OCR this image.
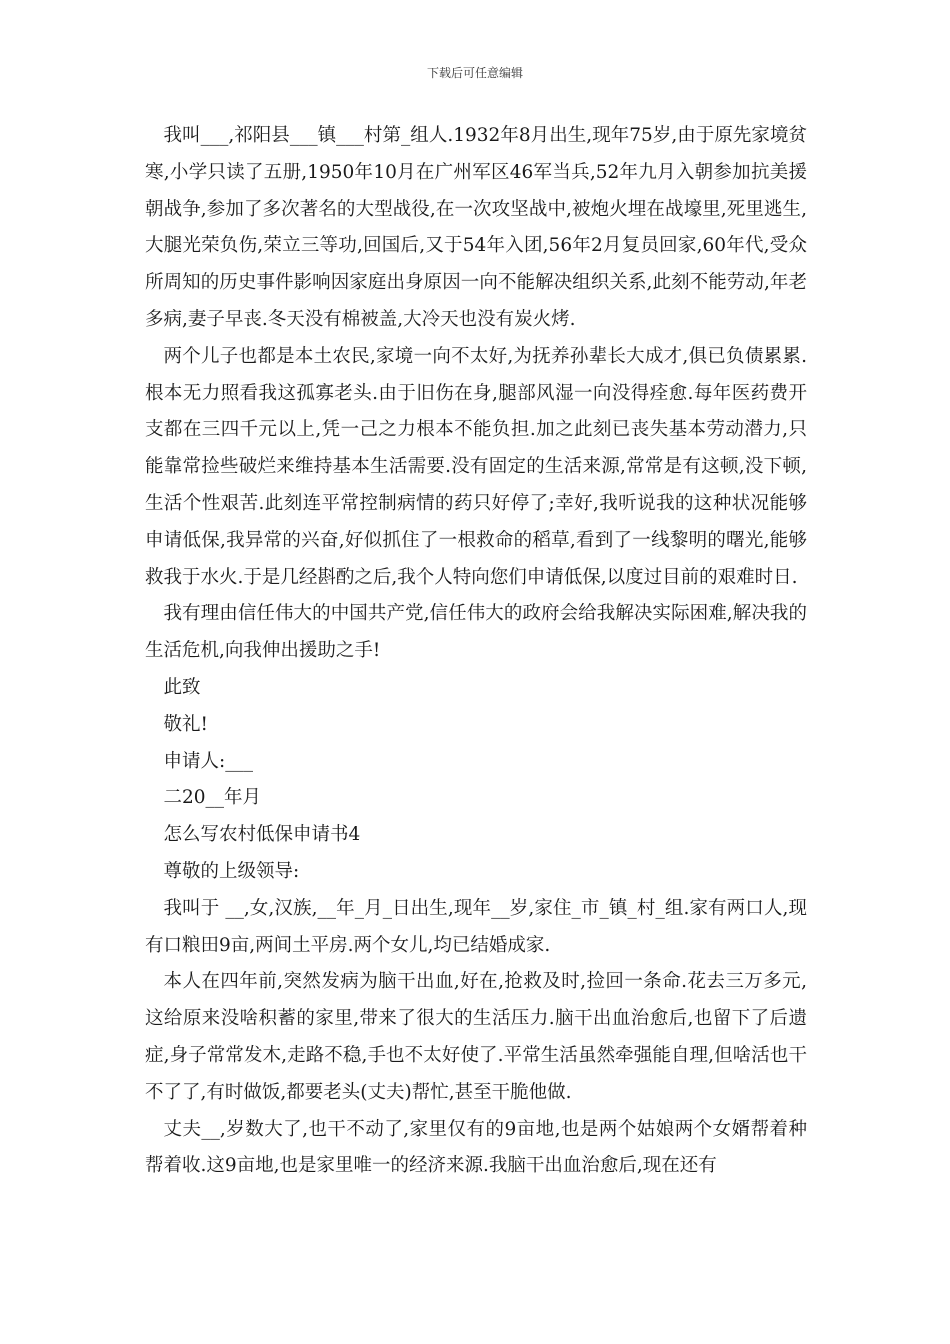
下载后可任意编辑

我叫___,祁阳县___镇___村第_组人.1932年8月出生,现年75岁,由于原先家境贫寒,小学只读了五册,1950年10月在广州军区46军当兵,52年九月入朝参加抗美援朝战争,参加了多次著名的大型战役,在一次攻坚战中,被炮火埋在战壕里,死里逃生,大腿光荣负伤,荣立三等功,回国后,又于54年入团,56年2月复员回家,60年代,受众所周知的历史事件影响因家庭出身原因一向不能解决组织关系,此刻不能劳动,年老多病,妻子早丧.冬天没有棉被盖,大冷天也没有炭火烤.

两个儿子也都是本土农民,家境一向不太好,为抚养孙辈长大成才,俱已负债累累.根本无力照看我这孤寡老头.由于旧伤在身,腿部风湿一向没得痊愈.每年医药费开支都在三四千元以上,凭一己之力根本不能负担.加之此刻已丧失基本劳动潜力,只能靠常捡些破烂来维持基本生活需要.没有固定的生活来源,常常是有这顿,没下顿,生活个性艰苦.此刻连平常控制病情的药只好停了;幸好,我听说我的这种状况能够申请低保,我异常的兴奋,好似抓住了一根救命的稻草,看到了一线黎明的曙光,能够救我于水火.于是几经斟酌之后,我个人特向您们申请低保,以度过目前的艰难时日.

我有理由信任伟大的中国共产党,信任伟大的政府会给我解决实际困难,解决我的生活危机,向我伸出援助之手!

此致

敬礼!

申请人:___

二20__年月

怎么写农村低保申请书4

尊敬的上级领导:

我叫于 __,女,汉族,__年_月_日出生,现年__岁,家住_市_镇_村_组.家有两口人,现有口粮田9亩,两间土平房.两个女儿,均已结婚成家.

本人在四年前,突然发病为脑干出血,好在,抢救及时,捡回一条命.花去三万多元,这给原来没啥积蓄的家里,带来了很大的生活压力.脑干出血治愈后,也留下了后遗症,身子常常发木,走路不稳,手也不太好使了.平常生活虽然牵强能自理,但啥活也干不了了,有时做饭,都要老头(丈夫)帮忙,甚至干脆他做.

丈夫__,岁数大了,也干不动了,家里仅有的9亩地,也是两个姑娘两个女婿帮着种帮着收.这9亩地,也是家里唯一的经济来源.我脑干出血治愈后,现在还有
